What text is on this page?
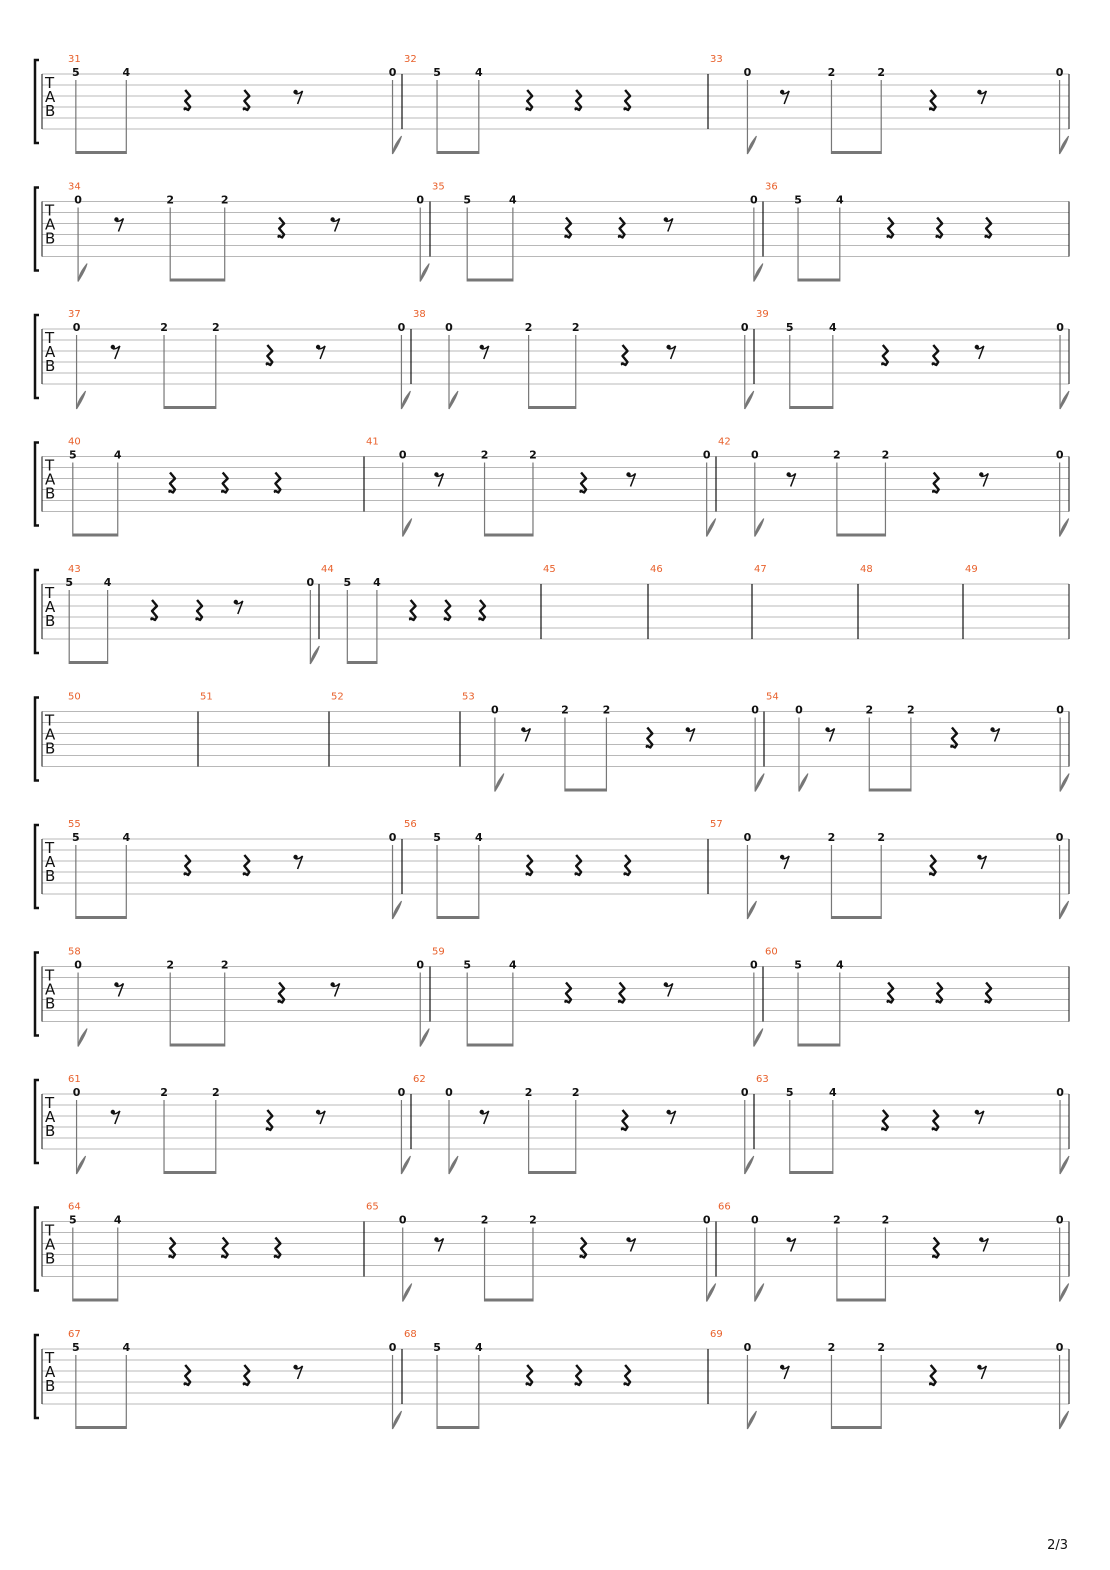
T
A
B
31
5	4	0
32
5	4
33
0	2	2	0
T
A
B
34
0	2	2	0
35
5	4	0
36
5	4
T
A
B
37
0	2	2	0
38
0	2	2	0
39
5	4	0
T
A
B
40
5	4
41
0	2	2	0
42
0	2	2	0
T
A
B
43
5	4	0
44
5 4
45	46	47	48	49
T
A
B
50	51	52	53
0	2	2	0
54
0	2	2	0
T
A
B
55
5	4	0
56
5	4
57
0	2	2	0
T
A
B
58
0	2	2	0
59
5	4	0
60
5	4
T
A
B
61
0	2	2	0
62
0	2	2	0
63
5	4	0
T
A
B
64
5	4
65
0	2	2	0
66
0	2	2	0
T
A
B
67
5	4	0
68
5	4
69
0	2	2	0
2/3
